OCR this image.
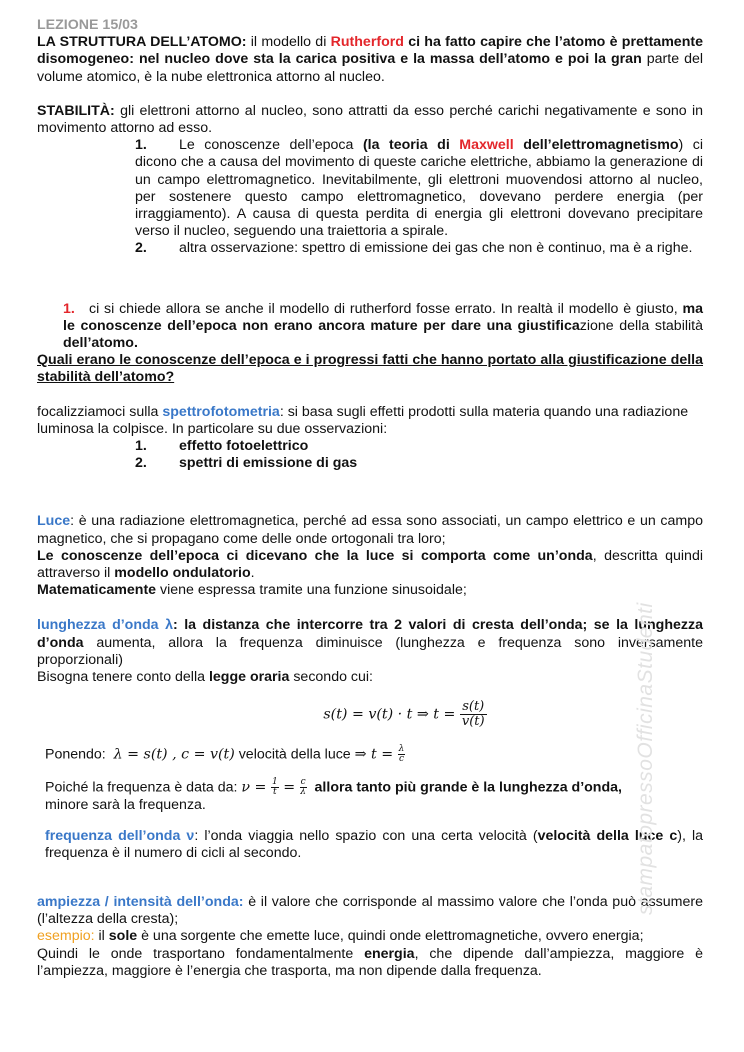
LEZIONE 15/03

LA STRUTTURA DELL’ATOMO: il modello di Rutherford ci ha fatto capire che l’atomo è prettamente disomogeneo: nel nucleo dove sta la carica positiva e la massa dell’atomo e poi la gran parte del volume atomico, è la nube elettronica attorno al nucleo.

STABILITÀ: gli elettroni attorno al nucleo, sono attratti da esso perché carichi negativamente e sono in movimento attorno ad esso.

1. Le conoscenze dell’epoca (la teoria di Maxwell dell’elettromagnetismo) ci dicono che a causa del movimento di queste cariche elettriche, abbiamo la generazione di un campo elettromagnetico. Inevitabilmente, gli elettroni muovendosi attorno al nucleo, per sostenere questo campo elettromagnetico, dovevano perdere energia (per irraggiamento). A causa di questa perdita di energia gli elettroni dovevano precipitare verso il nucleo, seguendo una traiettoria a spirale.

2. altra osservazione: spettro di emissione dei gas che non è continuo, ma è a righe.

1. ci si chiede allora se anche il modello di rutherford fosse errato. In realtà il modello è giusto, ma le conoscenze dell’epoca non erano ancora mature per dare una giustificazione della stabilità dell’atomo.

Quali erano le conoscenze dell’epoca e i progressi fatti che hanno portato alla giustificazione della stabilità dell’atomo?

focalizziamoci sulla spettrofotometria: si basa sugli effetti prodotti sulla materia quando una radiazione

luminosa la colpisce. In particolare su due osservazioni:

1. effetto fotoelettrico

2. spettri di emissione di gas

Luce: è una radiazione elettromagnetica, perché ad essa sono associati, un campo elettrico e un campo magnetico, che si propagano come delle onde ortogonali tra loro;

Le conoscenze dell’epoca ci dicevano che la luce si comporta come un’onda, descritta quindi attraverso il modello ondulatorio.

Matematicamente viene espressa tramite una funzione sinusoidale;

lunghezza d’onda λ: la distanza che intercorre tra 2 valori di cresta dell’onda; se la lunghezza d’onda aumenta, allora la frequenza diminuisce (lunghezza e frequenza sono inversamente proporzionali)

Bisogna tenere conto della legge oraria secondo cui:

s(t) = v(t) · t ⇒ $t = \frac{s(t)}{v(t)}$

Ponendo: λ = s(t) , c = v(t) velocità della luce ⇒ $t = \frac{\lambda}{c}$

Poiché la frequenza è data da: $\nu = \frac{1}{t} = \frac{c}{\lambda}$ allora tanto più grande è la lunghezza d’onda,

minore sarà la frequenza.

frequenza dell’onda ν: l’onda viaggia nello spazio con una certa velocità (velocità della luce c), la frequenza è il numero di cicli al secondo.

ampiezza / intensità dell’onda: è il valore che corrisponde al massimo valore che l’onda può assumere (l’altezza della cresta);

esempio: il sole è una sorgente che emette luce, quindi onde elettromagnetiche, ovvero energia;

Quindi le onde trasportano fondamentalmente energia, che dipende dall’ampiezza, maggiore è l’ampiezza, maggiore è l’energia che trasporta, ma non dipende dalla frequenza.

stampatopressoOfficinaStudenti
